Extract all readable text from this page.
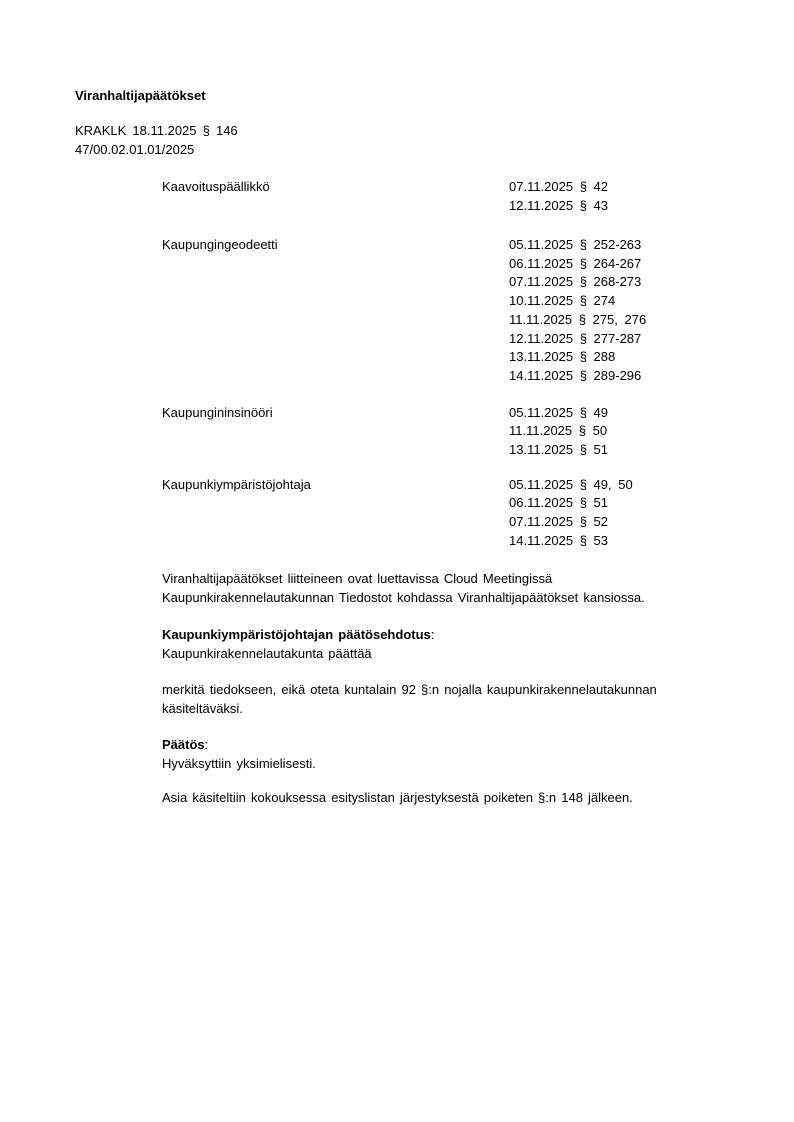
Viranhaltijapäätökset
KRAKLK 18.11.2025 § 146
47/00.02.01.01/2025
Kaavoituspäällikkö	07.11.2025 § 42
12.11.2025 § 43
Kaupungingeodeetti	05.11.2025 § 252-263
06.11.2025 § 264-267
07.11.2025 § 268-273
10.11.2025 § 274
11.11.2025 § 275, 276
12.11.2025 § 277-287
13.11.2025 § 288
14.11.2025 § 289-296
Kaupungininsinööri	05.11.2025 § 49
11.11.2025 § 50
13.11.2025 § 51
Kaupunkiympäristöjohtaja	05.11.2025 § 49, 50
06.11.2025 § 51
07.11.2025 § 52
14.11.2025 § 53
Viranhaltijapäätökset liitteineen ovat luettavissa Cloud Meetingissä
Kaupunkirakennelautakunnan Tiedostot kohdassa Viranhaltijapäätökset kansiossa.
Kaupunkiympäristöjohtajan päätösehdotus:
Kaupunkirakennelautakunta päättää
merkitä tiedokseen, eikä oteta kuntalain 92 §:n nojalla kaupunkirakennelautakunnan
käsiteltäväksi.
Päätös:
Hyväksyttiin yksimielisesti.
Asia käsiteltiin kokouksessa esityslistan järjestyksestä poiketen §:n 148 jälkeen.
